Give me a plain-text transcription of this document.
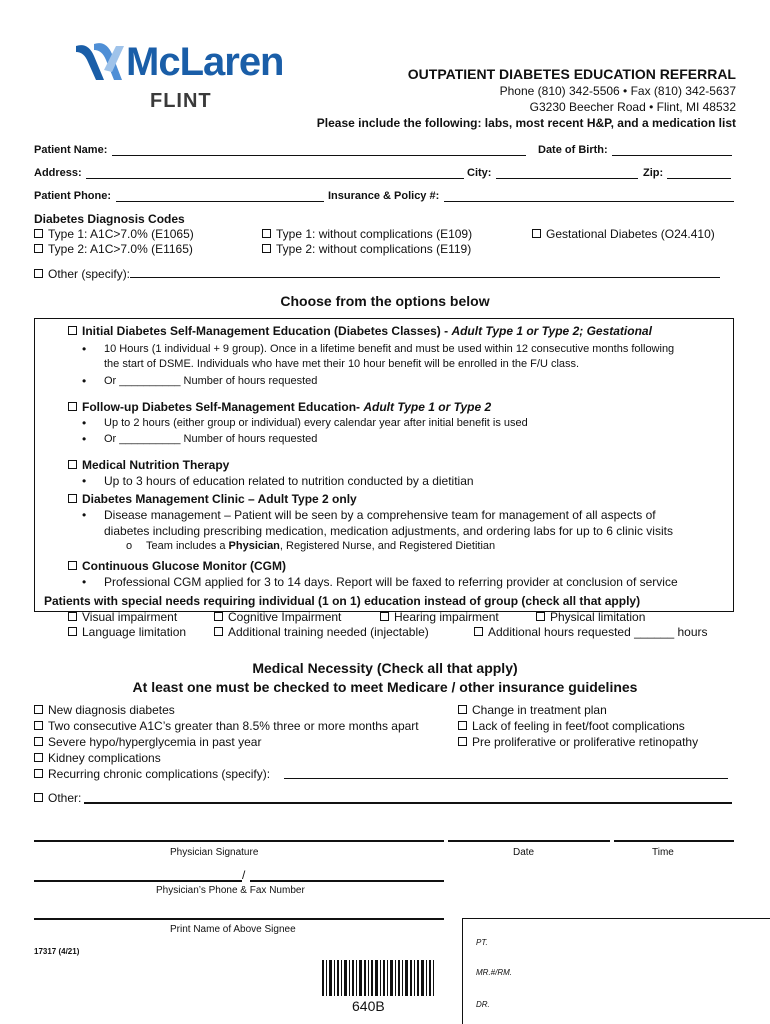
McLaren
FLINT
OUTPATIENT DIABETES EDUCATION REFERRAL
Phone (810) 342-5506 • Fax (810) 342-5637
G3230 Beecher Road • Flint, MI 48532
Please include the following: labs, most recent H&P, and a medication list
Patient Name:	Date of Birth:
Address:	City:	Zip:
Patient Phone:	Insurance & Policy #:
Diabetes Diagnosis Codes
Type 1: A1C>7.0% (E1065)
Type 2: A1C>7.0% (E1165)
Type 1: without complications (E109)
Type 2: without complications (E119)
Gestational Diabetes (O24.410)
Other (specify):
Choose from the options below
Initial Diabetes Self-Management Education (Diabetes Classes) - Adult Type 1 or Type 2; Gestational
• 10 Hours (1 individual + 9 group). Once in a lifetime benefit and must be used within 12 consecutive months following
the start of DSME. Individuals who have met their 10 hour benefit will be enrolled in the F/U class.
• Or __________ Number of hours requested
Follow-up Diabetes Self-Management Education- Adult Type 1 or Type 2
• Up to 2 hours (either group or individual) every calendar year after initial benefit is used
• Or __________ Number of hours requested
Medical Nutrition Therapy
• Up to 3 hours of education related to nutrition conducted by a dietitian
Diabetes Management Clinic – Adult Type 2 only
• Disease management – Patient will be seen by a comprehensive team for management of all aspects of
diabetes including prescribing medication, medication adjustments, and ordering labs for up to 6 clinic visits
o Team includes a Physician, Registered Nurse, and Registered Dietitian
Continuous Glucose Monitor (CGM)
• Professional CGM applied for 3 to 14 days. Report will be faxed to referring provider at conclusion of service
Patients with special needs requiring individual (1 on 1) education instead of group (check all that apply)
Visual impairment	Cognitive Impairment	Hearing impairment	Physical limitation
Language limitation	Additional training needed (injectable)	Additional hours requested ______ hours
Medical Necessity (Check all that apply)
At least one must be checked to meet Medicare / other insurance guidelines
New diagnosis diabetes
Two consecutive A1C’s greater than 8.5% three or more months apart
Severe hypo/hyperglycemia in past year
Kidney complications
Recurring chronic complications (specify):
Change in treatment plan
Lack of feeling in feet/foot complications
Pre proliferative or proliferative retinopathy
Other:
Physician Signature	Date	Time
/
Physician’s Phone & Fax Number
Print Name of Above Signee
17317 (4/21)
640B
PT.
MR.#/RM.
DR.
